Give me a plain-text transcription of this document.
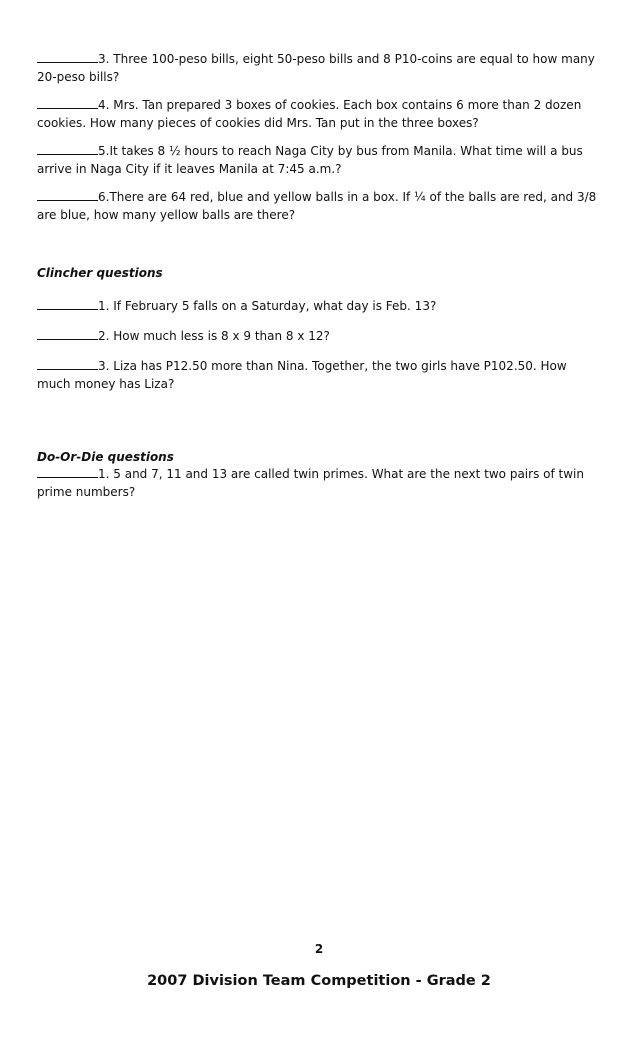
3. Three 100-peso bills, eight 50-peso bills and 8 P10-coins are equal to how many 20-peso bills?
4. Mrs. Tan prepared 3 boxes of cookies. Each box contains 6 more than 2 dozen cookies. How many pieces of cookies did Mrs. Tan put in the three boxes?
5.It takes 8 ½ hours to reach Naga City by bus from Manila. What time will a bus arrive in Naga City if it leaves Manila at 7:45 a.m.?
6.There are 64 red, blue and yellow balls in a box. If ¼ of the balls are red, and 3/8 are blue, how many yellow balls are there?
Clincher questions
1. If February 5 falls on a Saturday, what day is Feb. 13?
2. How much less is 8 x 9 than 8 x 12?
3. Liza has P12.50 more than Nina. Together, the two girls have P102.50. How much money has Liza?
Do-Or-Die questions
1. 5 and 7, 11 and 13 are called twin primes. What are the next two pairs of twin prime numbers?
2
2007 Division Team Competition - Grade 2
